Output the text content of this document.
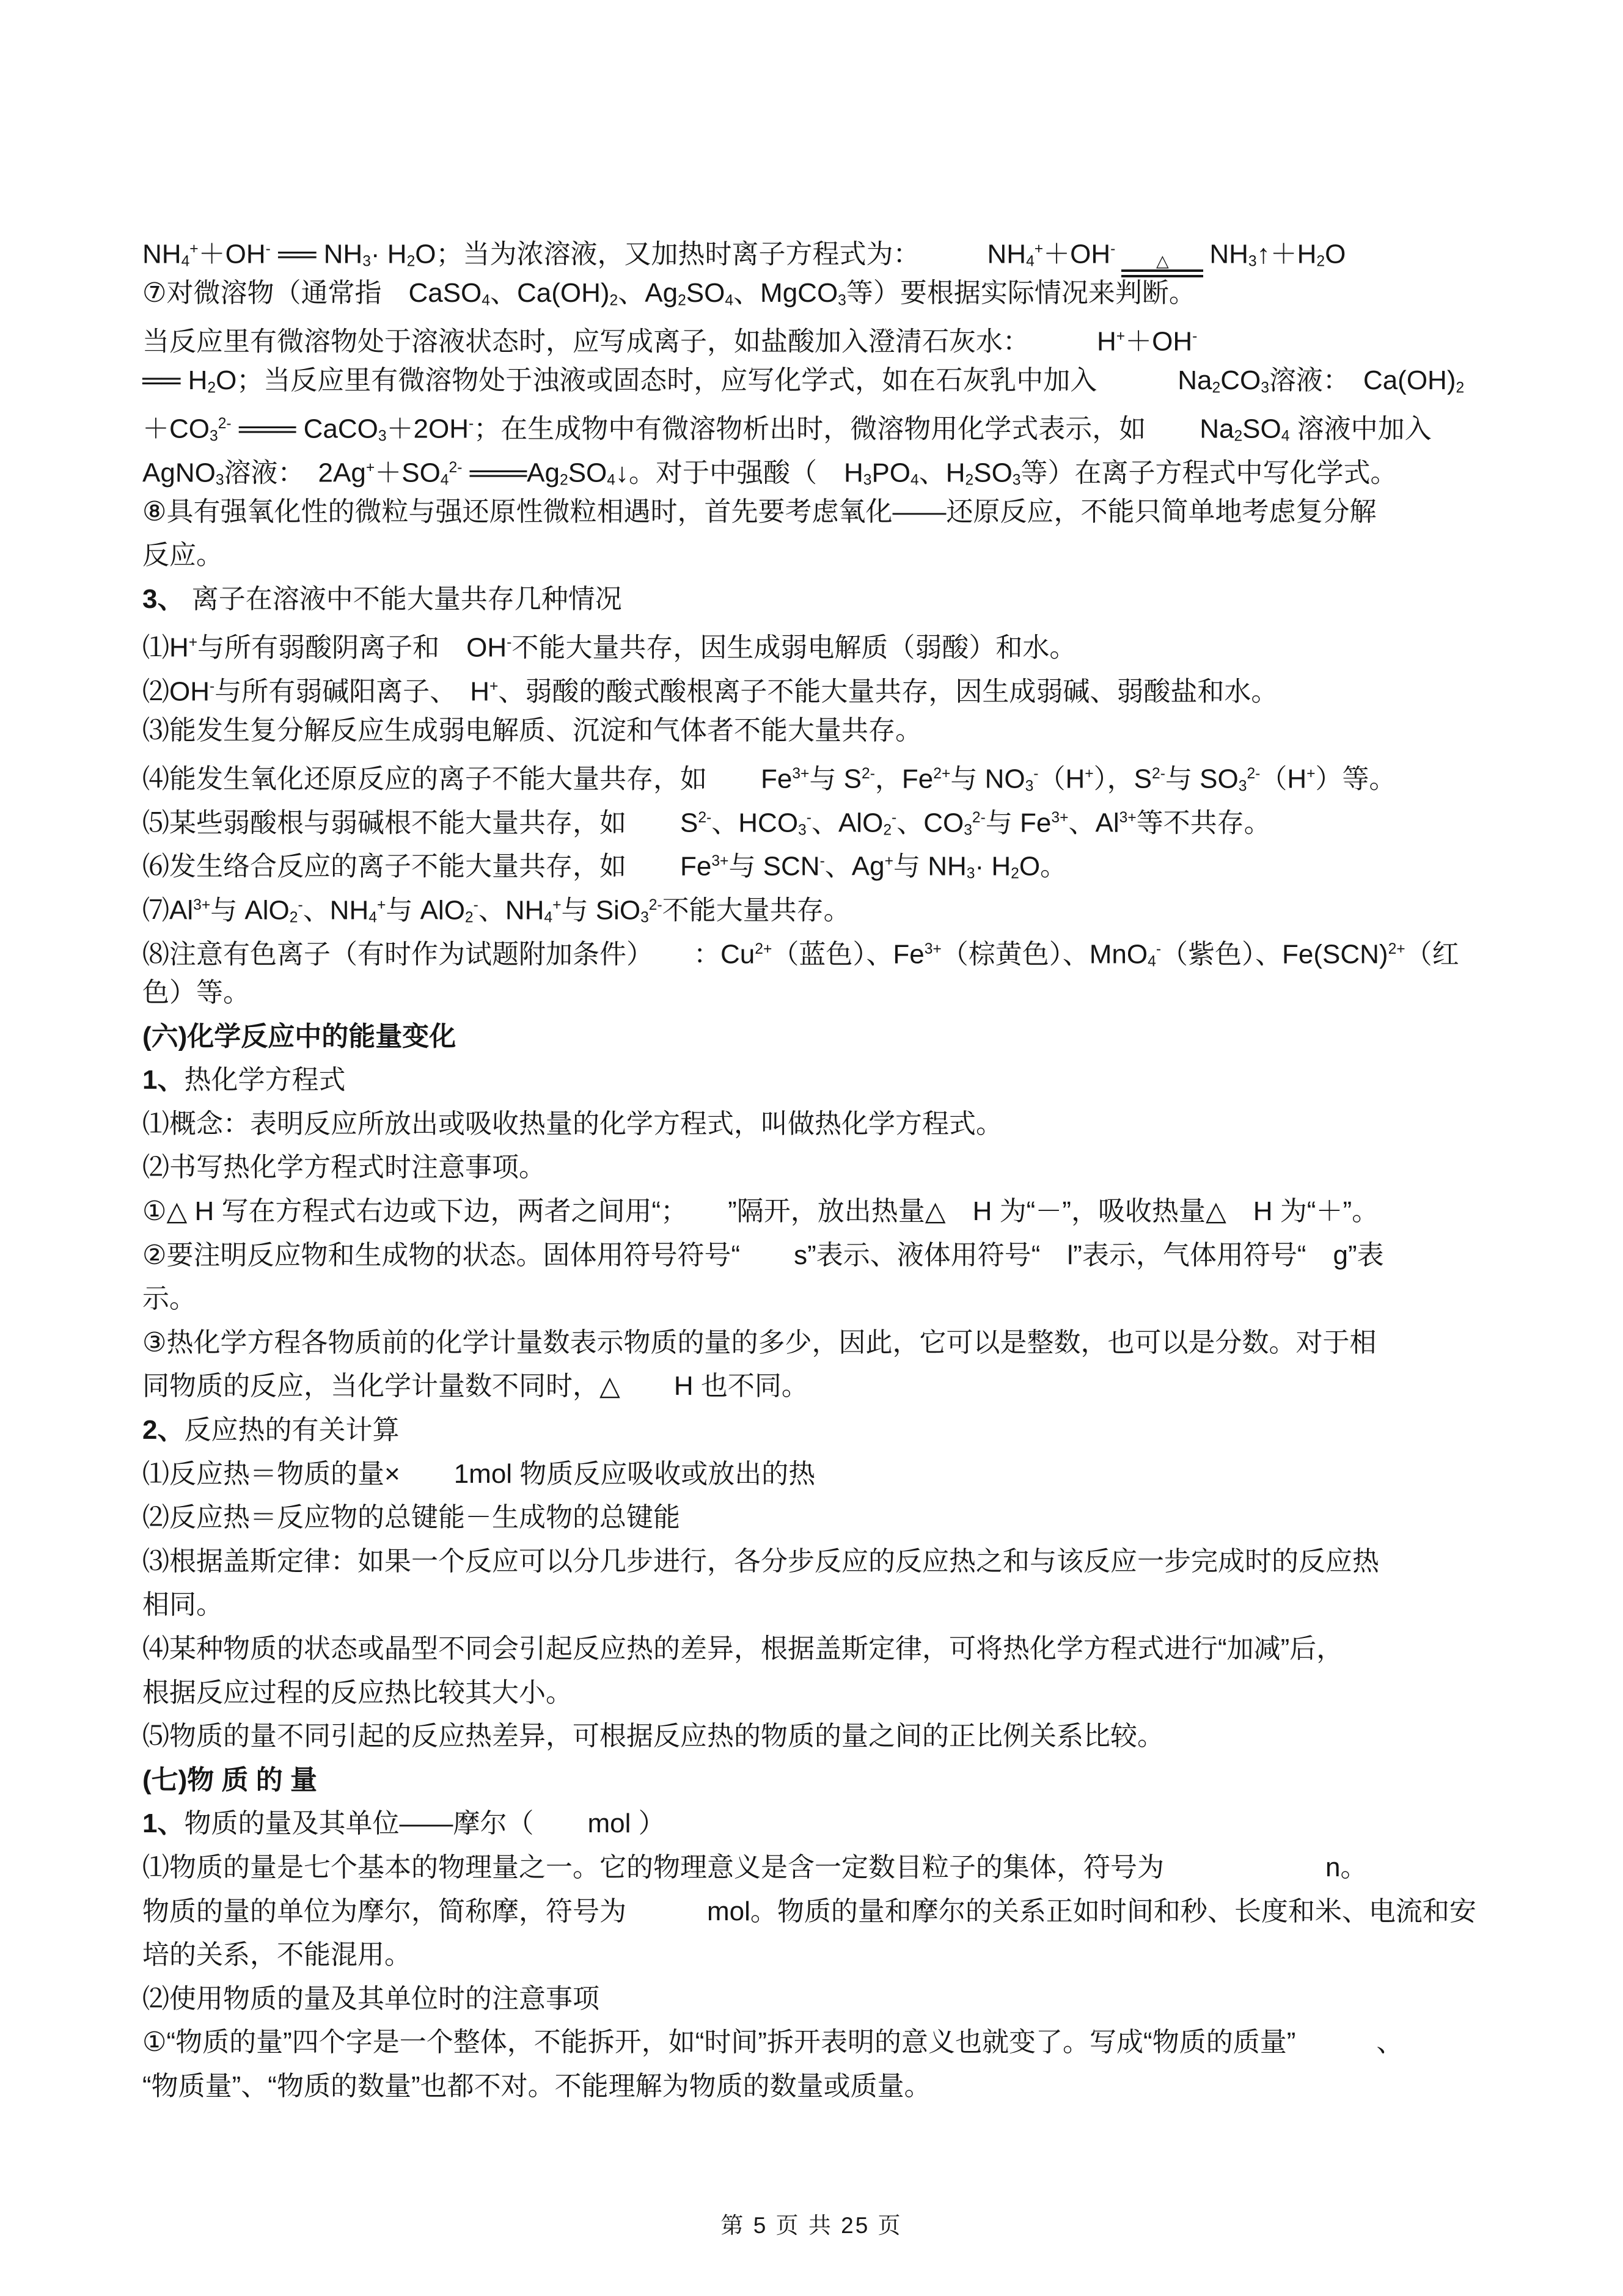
$NH_4^++OH^-$ ══ $NH_3\cdot H_2O$；当为浓溶液，又加热时离子方程式为：　　　$NH_4^++OH^-$
△	$NH_3↑+H_2O$
⑦对微溶物（通常指　CaSO$_4$、$Ca(OH)_2$、$Ag_2SO_4$、MgCO$_3$等）要根据实际情况来判断。
当反应里有微溶物处于溶液状态时，应写成离子，如盐酸加入澄清石灰水：　　　H+＋OH-
══ $H_2O$；当反应里有微溶物处于浊液或固态时，应写化学式，如在石灰乳中加入　　　$Na_2CO_3$溶液：　$Ca(OH)_2$
$+CO_3^{2-}$ ═══ CaCO$_3$＋2OH-；在生成物中有微溶物析出时，微溶物用化学式表示，如　　$Na_2SO_4$ 溶液中加入
AgNO$_3$溶液：　$2Ag^++SO_4^{2-}$ $═══Ag_2SO_4↓$。对于中强酸（　$H_3PO_4$、$H_2SO_3$等）在离子方程式中写化学式。
⑧具有强氧化性的微粒与强还原性微粒相遇时，首先要考虑氧化——还原反应，不能只简单地考虑复分解
反应。
3、 离子在溶液中不能大量共存几种情况
⑴H+与所有弱酸阴离子和　OH-不能大量共存，因生成弱电解质（弱酸）和水。
⑵OH-与所有弱碱阳离子、　H+、弱酸的酸式酸根离子不能大量共存，因生成弱碱、弱酸盐和水。
⑶能发生复分解反应生成弱电解质、沉淀和气体者不能大量共存。
⑷能发生氧化还原反应的离子不能大量共存，如　　$Fe^{3+}$与 $S^{2-}$，$Fe^{2+}$与 $NO_3^-(H^+)$，$S^{2-}$与 $SO_3^{2-}(H^+)$等。
⑸某些弱酸根与弱碱根不能大量共存，如　　$S^{2-}$、$HCO_3^-$、AlO$_2$-、$CO_3^{2-}$与 $Fe^{3+}$、$Al^{3+}$等不共存。
⑹发生络合反应的离子不能大量共存，如　　$Fe^{3+}$与 SCN-、Ag+与 $NH_3\cdot H_2O$。
$⑺Al^{3+}$与 AlO$_2$-、$NH_4^+$与 AlO$_2$-、$NH_4^+$与 SiO$_3^{2-}$不能大量共存。
⑻注意有色离子（有时作为试题附加条件）　　：$Cu^{2+}$（蓝色）、$Fe^{3+}$（棕黄色）、MnO$_4$-（紫色）、Fe(SCN)$^{2+}$（红
色）等。
(六)化学反应中的能量变化
1、热化学方程式
⑴概念：表明反应所放出或吸收热量的化学方程式，叫做热化学方程式。
⑵书写热化学方程式时注意事项。
①△ H 写在方程式右边或下边，两者之间用“；　　”隔开，放出热量△　H 为“－”，吸收热量△　H 为“＋”。
②要注明反应物和生成物的状态。固体用符号符号“　　s”表示、液体用符号“　l”表示，气体用符号“　g”表
示。
③热化学方程各物质前的化学计量数表示物质的量的多少，因此，它可以是整数，也可以是分数。对于相
同物质的反应，当化学计量数不同时，△　　H 也不同。
2、反应热的有关计算
⑴反应热＝物质的量×　　1mol 物质反应吸收或放出的热
⑵反应热＝反应物的总键能－生成物的总键能
⑶根据盖斯定律：如果一个反应可以分几步进行，各分步反应的反应热之和与该反应一步完成时的反应热
相同。
⑷某种物质的状态或晶型不同会引起反应热的差异，根据盖斯定律，可将热化学方程式进行“加减”后，
根据反应过程的反应热比较其大小。
⑸物质的量不同引起的反应热差异，可根据反应热的物质的量之间的正比例关系比较。
(七)物 质 的 量
1、物质的量及其单位——摩尔（　　mol ）
⑴物质的量是七个基本的物理量之一。它的物理意义是含一定数目粒子的集体，符号为　　　　　　n。
物质的量的单位为摩尔，简称摩，符号为　　　mol。物质的量和摩尔的关系正如时间和秒、长度和米、电流和安
培的关系，不能混用。
⑵使用物质的量及其单位时的注意事项
①“物质的量”四个字是一个整体，不能拆开，如“时间”拆开表明的意义也就变了。写成“物质的质量”　　　、
“物质量”、“物质的数量”也都不对。不能理解为物质的数量或质量。
第 5 页 共 25 页
